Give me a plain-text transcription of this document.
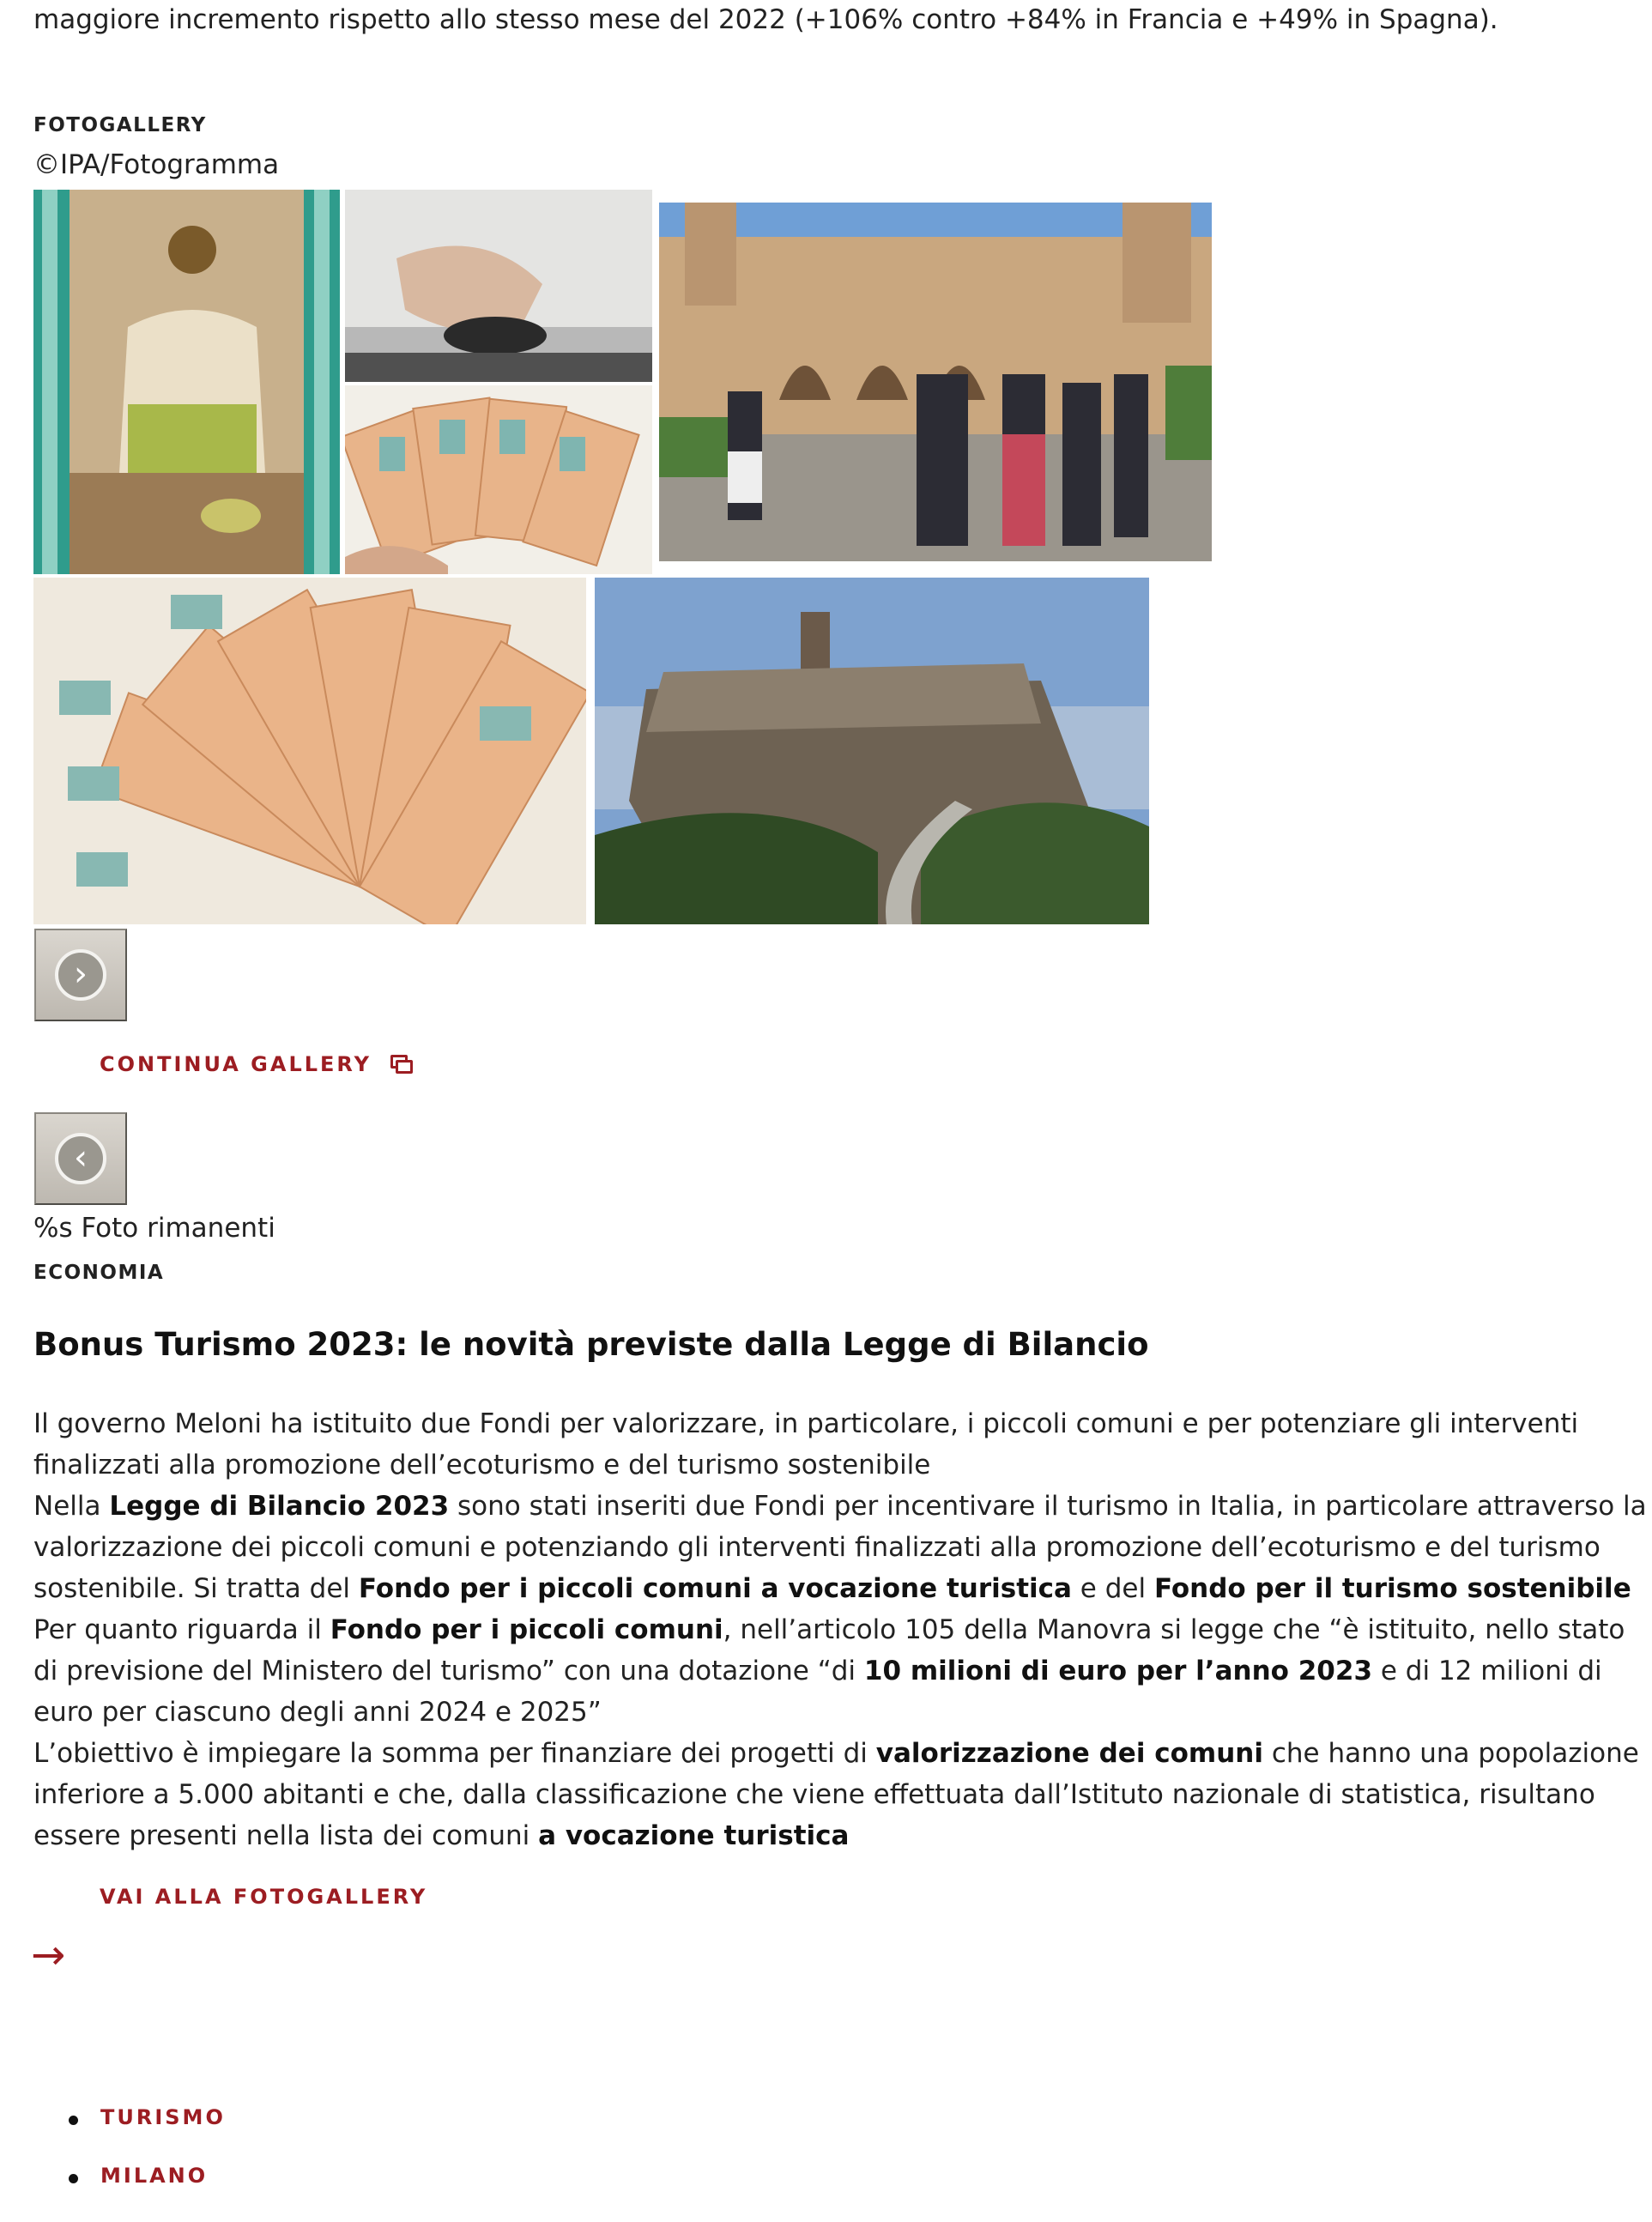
maggiore incremento rispetto allo stesso mese del 2022 (+106% contro +84% in Francia e +49% in Spagna).
FOTOGALLERY
©IPA/Fotogramma
›
CONTINUA GALLERY
‹
%s Foto rimanenti
ECONOMIA
Bonus Turismo 2023: le novità previste dalla Legge di Bilancio

Il governo Meloni ha istituito due Fondi per valorizzare, in particolare, i piccoli comuni e per potenziare gli interventi finalizzati alla promozione dell’ecoturismo e del turismo sostenibile

Nella Legge di Bilancio 2023 sono stati inseriti due Fondi per incentivare il turismo in Italia, in particolare attraverso la valorizzazione dei piccoli comuni e potenziando gli interventi finalizzati alla promozione dell’ecoturismo e del turismo sostenibile. Si tratta del Fondo per i piccoli comuni a vocazione turistica e del Fondo per il turismo sostenibile

Per quanto riguarda il Fondo per i piccoli comuni, nell’articolo 105 della Manovra si legge che “è istituito, nello stato di previsione del Ministero del turismo” con una dotazione “di 10 milioni di euro per l’anno 2023 e di 12 milioni di euro per ciascuno degli anni 2024 e 2025”

L’obiettivo è impiegare la somma per finanziare dei progetti di valorizzazione dei comuni che hanno una popolazione inferiore a 5.000 abitanti e che, dalla classificazione che viene effettuata dall’Istituto nazionale di statistica, risultano essere presenti nella lista dei comuni a vocazione turistica

VAI ALLA FOTOGALLERY
→
TURISMO
MILANO
